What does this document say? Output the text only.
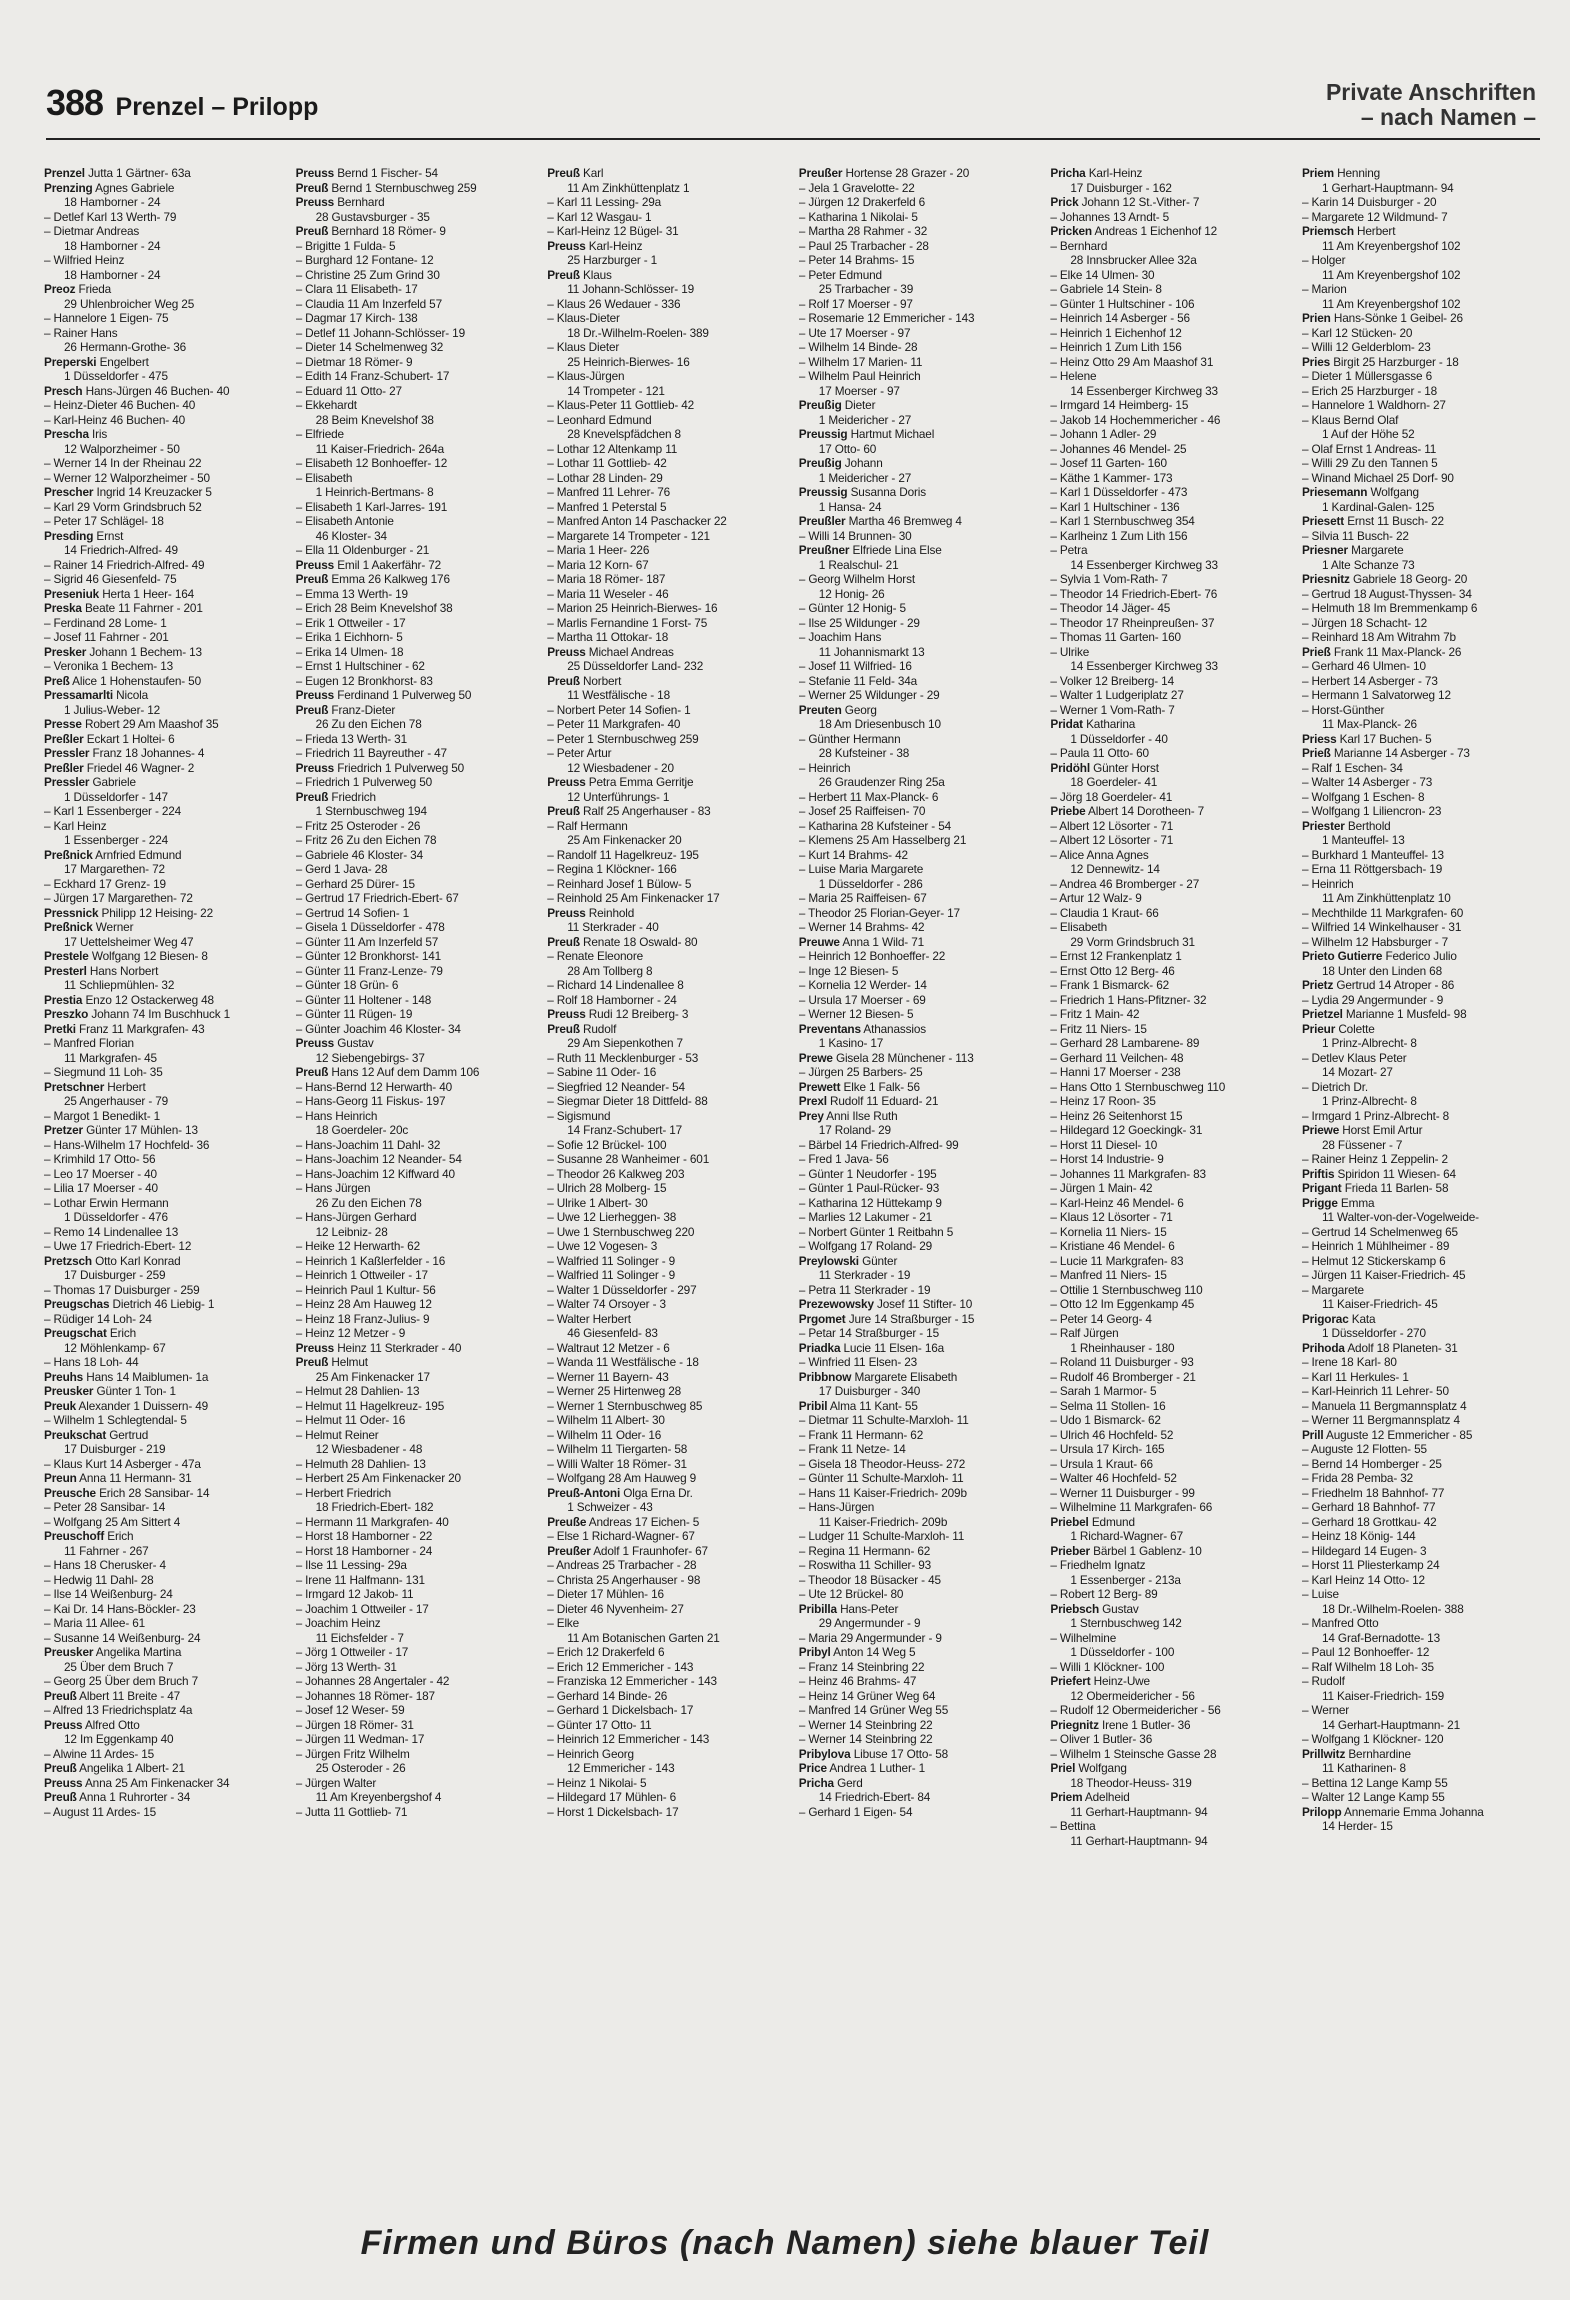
388 Prenzel – Prilopp
Private Anschriften
– nach Namen –
Prenzel Jutta 1 Gärtner- 63a
Prenzing Agnes Gabriele
18 Hamborner - 24
– Detlef Karl 13 Werth- 79
– Dietmar Andreas
18 Hamborner - 24
– Wilfried Heinz
18 Hamborner - 24
Preoz Frieda
29 Uhlenbroicher Weg 25
– Hannelore 1 Eigen- 75
– Rainer Hans
26 Hermann-Grothe- 36
Preperski Engelbert
1 Düsseldorfer - 475
Presch Hans-Jürgen 46 Buchen- 40
– Heinz-Dieter 46 Buchen- 40
– Karl-Heinz 46 Buchen- 40
Prescha Iris
12 Walporzheimer - 50
– Werner 14 In der Rheinau 22
– Werner 12 Walporzheimer - 50
Prescher Ingrid 14 Kreuzacker 5
– Karl 29 Vorm Grindsbruch 52
– Peter 17 Schlägel- 18
Presding Ernst
14 Friedrich-Alfred- 49
– Rainer 14 Friedrich-Alfred- 49
– Sigrid 46 Giesenfeld- 75
Preseniuk Herta 1 Heer- 164
Preska Beate 11 Fahrner - 201
– Ferdinand 28 Lome- 1
– Josef 11 Fahrner - 201
Presker Johann 1 Bechem- 13
– Veronika 1 Bechem- 13
Preß Alice 1 Hohenstaufen- 50
Pressamarlti Nicola
1 Julius-Weber- 12
Presse Robert 29 Am Maashof 35
Preßler Eckart 1 Holtei- 6
Pressler Franz 18 Johannes- 4
Preßler Friedel 46 Wagner- 2
Pressler Gabriele
1 Düsseldorfer - 147
– Karl 1 Essenberger - 224
– Karl Heinz
1 Essenberger - 224
Preßnick Arnfried Edmund
17 Margarethen- 72
– Eckhard 17 Grenz- 19
– Jürgen 17 Margarethen- 72
Pressnick Philipp 12 Heising- 22
Preßnick Werner
17 Uettelsheimer Weg 47
Prestele Wolfgang 12 Biesen- 8
Presterl Hans Norbert
11 Schliepmühlen- 32
Prestia Enzo 12 Ostackerweg 48
Preszko Johann 74 Im Buschhuck 1
Pretki Franz 11 Markgrafen- 43
– Manfred Florian
11 Markgrafen- 45
– Siegmund 11 Loh- 35
Pretschner Herbert
25 Angerhauser - 79
– Margot 1 Benedikt- 1
Pretzer Günter 17 Mühlen- 13
– Hans-Wilhelm 17 Hochfeld- 36
– Krimhild 17 Otto- 56
– Leo 17 Moerser - 40
– Lilia 17 Moerser - 40
– Lothar Erwin Hermann
1 Düsseldorfer - 476
– Remo 14 Lindenallee 13
– Uwe 17 Friedrich-Ebert- 12
Pretzsch Otto Karl Konrad
17 Duisburger - 259
– Thomas 17 Duisburger - 259
Preugschas Dietrich 46 Liebig- 1
– Rüdiger 14 Loh- 24
Preugschat Erich
12 Möhlenkamp- 67
– Hans 18 Loh- 44
Preuhs Hans 14 Maiblumen- 1a
Preusker Günter 1 Ton- 1
Preuk Alexander 1 Duissern- 49
– Wilhelm 1 Schlegtendal- 5
Preukschat Gertrud
17 Duisburger - 219
– Klaus Kurt 14 Asberger - 47a
Preun Anna 11 Hermann- 31
Preusche Erich 28 Sansibar- 14
– Peter 28 Sansibar- 14
– Wolfgang 25 Am Sittert 4
Preuschoff Erich
11 Fahrner - 267
– Hans 18 Cherusker- 4
– Hedwig 11 Dahl- 28
– Ilse 14 Weißenburg- 24
– Kai Dr. 14 Hans-Böckler- 23
– Maria 11 Allee- 61
– Susanne 14 Weißenburg- 24
Preusker Angelika Martina
25 Über dem Bruch 7
– Georg 25 Über dem Bruch 7
Preuß Albert 11 Breite - 47
– Alfred 13 Friedrichsplatz 4a
Preuss Alfred Otto
12 Im Eggenkamp 40
– Alwine 11 Ardes- 15
Preuß Angelika 1 Albert- 21
Preuss Anna 25 Am Finkenacker 34
Preuß Anna 1 Ruhrorter - 34
– August 11 Ardes- 15
Preuss Bernd 1 Fischer- 54
Preuß Bernd 1 Sternbuschweg 259
Preuss Bernhard
28 Gustavsburger - 35
Preuß Bernhard 18 Römer- 9
– Brigitte 1 Fulda- 5
– Burghard 12 Fontane- 12
– Christine 25 Zum Grind 30
– Clara 11 Elisabeth- 17
– Claudia 11 Am Inzerfeld 57
– Dagmar 17 Kirch- 138
– Detlef 11 Johann-Schlösser- 19
– Dieter 14 Schelmenweg 32
– Dietmar 18 Römer- 9
– Edith 14 Franz-Schubert- 17
– Eduard 11 Otto- 27
– Ekkehardt
28 Beim Knevelshof 38
– Elfriede
11 Kaiser-Friedrich- 264a
– Elisabeth 12 Bonhoeffer- 12
– Elisabeth
1 Heinrich-Bertmans- 8
– Elisabeth 1 Karl-Jarres- 191
– Elisabeth Antonie
46 Kloster- 34
– Ella 11 Oldenburger - 21
Preuss Emil 1 Aakerfähr- 72
Preuß Emma 26 Kalkweg 176
– Emma 13 Werth- 19
– Erich 28 Beim Knevelshof 38
– Erik 1 Ottweiler - 17
– Erika 1 Eichhorn- 5
– Erika 14 Ulmen- 18
– Ernst 1 Hultschiner - 62
– Eugen 12 Bronkhorst- 83
Preuss Ferdinand 1 Pulverweg 50
Preuß Franz-Dieter
26 Zu den Eichen 78
– Frieda 13 Werth- 31
– Friedrich 11 Bayreuther - 47
Preuss Friedrich 1 Pulverweg 50
– Friedrich 1 Pulverweg 50
Preuß Friedrich
1 Sternbuschweg 194
– Fritz 25 Osteroder - 26
– Fritz 26 Zu den Eichen 78
– Gabriele 46 Kloster- 34
– Gerd 1 Java- 28
– Gerhard 25 Dürer- 15
– Gertrud 17 Friedrich-Ebert- 67
– Gertrud 14 Sofien- 1
– Gisela 1 Düsseldorfer - 478
– Günter 11 Am Inzerfeld 57
– Günter 12 Bronkhorst- 141
– Günter 11 Franz-Lenze- 79
– Günter 18 Grün- 6
– Günter 11 Holtener - 148
– Günter 11 Rügen- 19
– Günter Joachim 46 Kloster- 34
Preuss Gustav
12 Siebengebirgs- 37
Preuß Hans 12 Auf dem Damm 106
– Hans-Bernd 12 Herwarth- 40
– Hans-Georg 11 Fiskus- 197
– Hans Heinrich
18 Goerdeler- 20c
– Hans-Joachim 11 Dahl- 32
– Hans-Joachim 12 Neander- 54
– Hans-Joachim 12 Kiffward 40
– Hans Jürgen
26 Zu den Eichen 78
– Hans-Jürgen Gerhard
12 Leibniz- 28
– Heike 12 Herwarth- 62
– Heinrich 1 Kaßlerfelder - 16
– Heinrich 1 Ottweiler - 17
– Heinrich Paul 1 Kultur- 56
– Heinz 28 Am Hauweg 12
– Heinz 18 Franz-Julius- 9
– Heinz 12 Metzer - 9
Preuss Heinz 11 Sterkrader - 40
Preuß Helmut
25 Am Finkenacker 17
– Helmut 28 Dahlien- 13
– Helmut 11 Hagelkreuz- 195
– Helmut 11 Oder- 16
– Helmut Reiner
12 Wiesbadener - 48
– Helmuth 28 Dahlien- 13
– Herbert 25 Am Finkenacker 20
– Herbert Friedrich
18 Friedrich-Ebert- 182
– Hermann 11 Markgrafen- 40
– Horst 18 Hamborner - 22
– Horst 18 Hamborner - 24
– Ilse 11 Lessing- 29a
– Irene 11 Halfmann- 131
– Irmgard 12 Jakob- 11
– Joachim 1 Ottweiler - 17
– Joachim Heinz
11 Eichsfelder - 7
– Jörg 1 Ottweiler - 17
– Jörg 13 Werth- 31
– Johannes 28 Angertaler - 42
– Johannes 18 Römer- 187
– Josef 12 Weser- 59
– Jürgen 18 Römer- 31
– Jürgen 11 Wedman- 17
– Jürgen Fritz Wilhelm
25 Osteroder - 26
– Jürgen Walter
11 Am Kreyenbergshof 4
– Jutta 11 Gottlieb- 71
Preuß Karl
11 Am Zinkhüttenplatz 1
– Karl 11 Lessing- 29a
– Karl 12 Wasgau- 1
– Karl-Heinz 12 Bügel- 31
Preuss Karl-Heinz
25 Harzburger - 1
Preuß Klaus
11 Johann-Schlösser- 19
– Klaus 26 Wedauer - 336
– Klaus-Dieter
18 Dr.-Wilhelm-Roelen- 389
– Klaus Dieter
25 Heinrich-Bierwes- 16
– Klaus-Jürgen
14 Trompeter - 121
– Klaus-Peter 11 Gottlieb- 42
– Leonhard Edmund
28 Knevelspfädchen 8
– Lothar 12 Altenkamp 11
– Lothar 11 Gottlieb- 42
– Lothar 28 Linden- 29
– Manfred 11 Lehrer- 76
– Manfred 1 Peterstal 5
– Manfred Anton 14 Paschacker 22
– Margarete 14 Trompeter - 121
– Maria 1 Heer- 226
– Maria 12 Korn- 67
– Maria 18 Römer- 187
– Maria 11 Weseler - 46
– Marion 25 Heinrich-Bierwes- 16
– Marlis Fernandine 1 Forst- 75
– Martha 11 Ottokar- 18
Preuss Michael Andreas
25 Düsseldorfer Land- 232
Preuß Norbert
11 Westfälische - 18
– Norbert Peter 14 Sofien- 1
– Peter 11 Markgrafen- 40
– Peter 1 Sternbuschweg 259
– Peter Artur
12 Wiesbadener - 20
Preuss Petra Emma Gerritje
12 Unterführungs- 1
Preuß Ralf 25 Angerhauser - 83
– Ralf Hermann
25 Am Finkenacker 20
– Randolf 11 Hagelkreuz- 195
– Regina 1 Klöckner- 166
– Reinhard Josef 1 Bülow- 5
– Reinhold 25 Am Finkenacker 17
Preuss Reinhold
11 Sterkrader - 40
Preuß Renate 18 Oswald- 80
– Renate Eleonore
28 Am Tollberg 8
– Richard 14 Lindenallee 8
– Rolf 18 Hamborner - 24
Preuss Rudi 12 Breiberg- 3
Preuß Rudolf
29 Am Siepenkothen 7
– Ruth 11 Mecklenburger - 53
– Sabine 11 Oder- 16
– Siegfried 12 Neander- 54
– Siegmar Dieter 18 Dittfeld- 88
– Sigismund
14 Franz-Schubert- 17
– Sofie 12 Brückel- 100
– Susanne 28 Wanheimer - 601
– Theodor 26 Kalkweg 203
– Ulrich 28 Molberg- 15
– Ulrike 1 Albert- 30
– Uwe 12 Lierheggen- 38
– Uwe 1 Sternbuschweg 220
– Uwe 12 Vogesen- 3
– Walfried 11 Solinger - 9
– Walfried 11 Solinger - 9
– Walter 1 Düsseldorfer - 297
– Walter 74 Orsoyer - 3
– Walter Herbert
46 Giesenfeld- 83
– Waltraut 12 Metzer - 6
– Wanda 11 Westfälische - 18
– Werner 11 Bayern- 43
– Werner 25 Hirtenweg 28
– Werner 1 Sternbuschweg 85
– Wilhelm 11 Albert- 30
– Wilhelm 11 Oder- 16
– Wilhelm 11 Tiergarten- 58
– Willi Walter 18 Römer- 31
– Wolfgang 28 Am Hauweg 9
Preuß-Antoni Olga Erna Dr.
1 Schweizer - 43
Preuße Andreas 17 Eichen- 5
– Else 1 Richard-Wagner- 67
Preußer Adolf 1 Fraunhofer- 67
– Andreas 25 Trarbacher - 28
– Christa 25 Angerhauser - 98
– Dieter 17 Mühlen- 16
– Dieter 46 Nyvenheim- 27
– Elke
11 Am Botanischen Garten 21
– Erich 12 Drakerfeld 6
– Erich 12 Emmericher - 143
– Franziska 12 Emmericher - 143
– Gerhard 14 Binde- 26
– Gerhard 1 Dickelsbach- 17
– Günter 17 Otto- 11
– Heinrich 12 Emmericher - 143
– Heinrich Georg
12 Emmericher - 143
– Heinz 1 Nikolai- 5
– Hildegard 17 Mühlen- 6
– Horst 1 Dickelsbach- 17
Preußer Hortense 28 Grazer - 20
– Jela 1 Gravelotte- 22
– Jürgen 12 Drakerfeld 6
– Katharina 1 Nikolai- 5
– Martha 28 Rahmer - 32
– Paul 25 Trarbacher - 28
– Peter 14 Brahms- 15
– Peter Edmund
25 Trarbacher - 39
– Rolf 17 Moerser - 97
– Rosemarie 12 Emmericher - 143
– Ute 17 Moerser - 97
– Wilhelm 14 Binde- 28
– Wilhelm 17 Marien- 11
– Wilhelm Paul Heinrich
17 Moerser - 97
Preußig Dieter
1 Meidericher - 27
Preussig Hartmut Michael
17 Otto- 60
Preußig Johann
1 Meidericher - 27
Preussig Susanna Doris
1 Hansa- 24
Preußler Martha 46 Bremweg 4
– Willi 14 Brunnen- 30
Preußner Elfriede Lina Else
1 Realschul- 21
– Georg Wilhelm Horst
12 Honig- 26
– Günter 12 Honig- 5
– Ilse 25 Wildunger - 29
– Joachim Hans
11 Johannismarkt 13
– Josef 11 Wilfried- 16
– Stefanie 11 Feld- 34a
– Werner 25 Wildunger - 29
Preuten Georg
18 Am Driesenbusch 10
– Günther Hermann
28 Kufsteiner - 38
– Heinrich
26 Graudenzer Ring 25a
– Herbert 11 Max-Planck- 6
– Josef 25 Raiffeisen- 70
– Katharina 28 Kufsteiner - 54
– Klemens 25 Am Hasselberg 21
– Kurt 14 Brahms- 42
– Luise Maria Margarete
1 Düsseldorfer - 286
– Maria 25 Raiffeisen- 67
– Theodor 25 Florian-Geyer- 17
– Werner 14 Brahms- 42
Preuwe Anna 1 Wild- 71
– Heinrich 12 Bonhoeffer- 22
– Inge 12 Biesen- 5
– Kornelia 12 Werder- 14
– Ursula 17 Moerser - 69
– Werner 12 Biesen- 5
Preventans Athanassios
1 Kasino- 17
Prewe Gisela 28 Münchener - 113
– Jürgen 25 Barbers- 25
Prewett Elke 1 Falk- 56
Prexl Rudolf 11 Eduard- 21
Prey Anni Ilse Ruth
17 Roland- 29
– Bärbel 14 Friedrich-Alfred- 99
– Fred 1 Java- 56
– Günter 1 Neudorfer - 195
– Günter 1 Paul-Rücker- 93
– Katharina 12 Hüttekamp 9
– Marlies 12 Lakumer - 21
– Norbert Günter 1 Reitbahn 5
– Wolfgang 17 Roland- 29
Preylowski Günter
11 Sterkrader - 19
– Petra 11 Sterkrader - 19
Prezewowsky Josef 11 Stifter- 10
Prgomet Jure 14 Straßburger - 15
– Petar 14 Straßburger - 15
Priadka Lucie 11 Elsen- 16a
– Winfried 11 Elsen- 23
Pribbnow Margarete Elisabeth
17 Duisburger - 340
Pribil Alma 11 Kant- 55
– Dietmar 11 Schulte-Marxloh- 11
– Frank 11 Hermann- 62
– Frank 11 Netze- 14
– Gisela 18 Theodor-Heuss- 272
– Günter 11 Schulte-Marxloh- 11
– Hans 11 Kaiser-Friedrich- 209b
– Hans-Jürgen
11 Kaiser-Friedrich- 209b
– Ludger 11 Schulte-Marxloh- 11
– Regina 11 Hermann- 62
– Roswitha 11 Schiller- 93
– Theodor 18 Büsacker - 45
– Ute 12 Brückel- 80
Pribilla Hans-Peter
29 Angermunder - 9
– Maria 29 Angermunder - 9
Pribyl Anton 14 Weg 5
– Franz 14 Steinbring 22
– Heinz 46 Brahms- 47
– Heinz 14 Grüner Weg 64
– Manfred 14 Grüner Weg 55
– Werner 14 Steinbring 22
– Werner 14 Steinbring 22
Pribylova Libuse 17 Otto- 58
Price Andrea 1 Luther- 1
Pricha Gerd
14 Friedrich-Ebert- 84
– Gerhard 1 Eigen- 54
Pricha Karl-Heinz
17 Duisburger - 162
Prick Johann 12 St.-Vither- 7
– Johannes 13 Arndt- 5
Pricken Andreas 1 Eichenhof 12
– Bernhard
28 Innsbrucker Allee 32a
– Elke 14 Ulmen- 30
– Gabriele 14 Stein- 8
– Günter 1 Hultschiner - 106
– Heinrich 14 Asberger - 56
– Heinrich 1 Eichenhof 12
– Heinrich 1 Zum Lith 156
– Heinz Otto 29 Am Maashof 31
– Helene
14 Essenberger Kirchweg 33
– Irmgard 14 Heimberg- 15
– Jakob 14 Hochemmericher - 46
– Johann 1 Adler- 29
– Johannes 46 Mendel- 25
– Josef 11 Garten- 160
– Käthe 1 Kammer- 173
– Karl 1 Düsseldorfer - 473
– Karl 1 Hultschiner - 136
– Karl 1 Sternbuschweg 354
– Karlheinz 1 Zum Lith 156
– Petra
14 Essenberger Kirchweg 33
– Sylvia 1 Vom-Rath- 7
– Theodor 14 Friedrich-Ebert- 76
– Theodor 14 Jäger- 45
– Theodor 17 Rheinpreußen- 37
– Thomas 11 Garten- 160
– Ulrike
14 Essenberger Kirchweg 33
– Volker 12 Breiberg- 14
– Walter 1 Ludgeriplatz 27
– Werner 1 Vom-Rath- 7
Pridat Katharina
1 Düsseldorfer - 40
– Paula 11 Otto- 60
Pridöhl Günter Horst
18 Goerdeler- 41
– Jörg 18 Goerdeler- 41
Priebe Albert 14 Dorotheen- 7
– Albert 12 Lösorter - 71
– Albert 12 Lösorter - 71
– Alice Anna Agnes
12 Dennewitz- 14
– Andrea 46 Bromberger - 27
– Artur 12 Walz- 9
– Claudia 1 Kraut- 66
– Elisabeth
29 Vorm Grindsbruch 31
– Ernst 12 Frankenplatz 1
– Ernst Otto 12 Berg- 46
– Frank 1 Bismarck- 62
– Friedrich 1 Hans-Pfitzner- 32
– Fritz 1 Main- 42
– Fritz 11 Niers- 15
– Gerhard 28 Lambarene- 89
– Gerhard 11 Veilchen- 48
– Hanni 17 Moerser - 238
– Hans Otto 1 Sternbuschweg 110
– Heinz 17 Roon- 35
– Heinz 26 Seitenhorst 15
– Hildegard 12 Goeckingk- 31
– Horst 11 Diesel- 10
– Horst 14 Industrie- 9
– Johannes 11 Markgrafen- 83
– Jürgen 1 Main- 42
– Karl-Heinz 46 Mendel- 6
– Klaus 12 Lösorter - 71
– Kornelia 11 Niers- 15
– Kristiane 46 Mendel- 6
– Lucie 11 Markgrafen- 83
– Manfred 11 Niers- 15
– Ottilie 1 Sternbuschweg 110
– Otto 12 Im Eggenkamp 45
– Peter 14 Georg- 4
– Ralf Jürgen
1 Rheinhauser - 180
– Roland 11 Duisburger - 93
– Rudolf 46 Bromberger - 21
– Sarah 1 Marmor- 5
– Selma 11 Stollen- 16
– Udo 1 Bismarck- 62
– Ulrich 46 Hochfeld- 52
– Ursula 17 Kirch- 165
– Ursula 1 Kraut- 66
– Walter 46 Hochfeld- 52
– Werner 11 Duisburger - 99
– Wilhelmine 11 Markgrafen- 66
Priebel Edmund
1 Richard-Wagner- 67
Prieber Bärbel 1 Gablenz- 10
– Friedhelm Ignatz
1 Essenberger - 213a
– Robert 12 Berg- 89
Priebsch Gustav
1 Sternbuschweg 142
– Wilhelmine
1 Düsseldorfer - 100
– Willi 1 Klöckner- 100
Priefert Heinz-Uwe
12 Obermeidericher - 56
– Rudolf 12 Obermeidericher - 56
Priegnitz Irene 1 Butler- 36
– Oliver 1 Butler- 36
– Wilhelm 1 Steinsche Gasse 28
Priel Wolfgang
18 Theodor-Heuss- 319
Priem Adelheid
11 Gerhart-Hauptmann- 94
– Bettina
11 Gerhart-Hauptmann- 94
Priem Henning
1 Gerhart-Hauptmann- 94
– Karin 14 Duisburger - 20
– Margarete 12 Wildmund- 7
Priemsch Herbert
11 Am Kreyenbergshof 102
– Holger
11 Am Kreyenbergshof 102
– Marion
11 Am Kreyenbergshof 102
Prien Hans-Sönke 1 Geibel- 26
– Karl 12 Stücken- 20
– Willi 12 Gelderblom- 23
Pries Birgit 25 Harzburger - 18
– Dieter 1 Müllersgasse 6
– Erich 25 Harzburger - 18
– Hannelore 1 Waldhorn- 27
– Klaus Bernd Olaf
1 Auf der Höhe 52
– Olaf Ernst 1 Andreas- 11
– Willi 29 Zu den Tannen 5
– Winand Michael 25 Dorf- 90
Priesemann Wolfgang
1 Kardinal-Galen- 125
Priesett Ernst 11 Busch- 22
– Silvia 11 Busch- 22
Priesner Margarete
1 Alte Schanze 73
Priesnitz Gabriele 18 Georg- 20
– Gertrud 18 August-Thyssen- 34
– Helmuth 18 Im Bremmenkamp 6
– Jürgen 18 Schacht- 12
– Reinhard 18 Am Witrahm 7b
Prieß Frank 11 Max-Planck- 26
– Gerhard 46 Ulmen- 10
– Herbert 14 Asberger - 73
– Hermann 1 Salvatorweg 12
– Horst-Günther
11 Max-Planck- 26
Priess Karl 17 Buchen- 5
Prieß Marianne 14 Asberger - 73
– Ralf 1 Eschen- 34
– Walter 14 Asberger - 73
– Wolfgang 1 Eschen- 8
– Wolfgang 1 Liliencron- 23
Priester Berthold
1 Manteuffel- 13
– Burkhard 1 Manteuffel- 13
– Erna 11 Röttgersbach- 19
– Heinrich
11 Am Zinkhüttenplatz 10
– Mechthilde 11 Markgrafen- 60
– Wilfried 14 Winkelhauser - 31
– Wilhelm 12 Habsburger - 7
Prieto Gutierre Federico Julio
18 Unter den Linden 68
Prietz Gertrud 14 Atroper - 86
– Lydia 29 Angermunder - 9
Prietzel Marianne 1 Musfeld- 98
Prieur Colette
1 Prinz-Albrecht- 8
– Detlev Klaus Peter
14 Mozart- 27
– Dietrich Dr.
1 Prinz-Albrecht- 8
– Irmgard 1 Prinz-Albrecht- 8
Priewe Horst Emil Artur
28 Füssener - 7
– Rainer Heinz 1 Zeppelin- 2
Priftis Spiridon 11 Wiesen- 64
Prigant Frieda 11 Barlen- 58
Prigge Emma
11 Walter-von-der-Vogelweide-
– Gertrud 14 Schelmenweg 65
– Heinrich 1 Mühlheimer - 89
– Helmut 12 Stickerskamp 6
– Jürgen 11 Kaiser-Friedrich- 45
– Margarete
11 Kaiser-Friedrich- 45
Prigorac Kata
1 Düsseldorfer - 270
Prihoda Adolf 18 Planeten- 31
– Irene 18 Karl- 80
– Karl 11 Herkules- 1
– Karl-Heinrich 11 Lehrer- 50
– Manuela 11 Bergmannsplatz 4
– Werner 11 Bergmannsplatz 4
Prill Auguste 12 Emmericher - 85
– Auguste 12 Flotten- 55
– Bernd 14 Homberger - 25
– Frida 28 Pemba- 32
– Friedhelm 18 Bahnhof- 77
– Gerhard 18 Bahnhof- 77
– Gerhard 18 Grottkau- 42
– Heinz 18 König- 144
– Hildegard 14 Eugen- 3
– Horst 11 Pliesterkamp 24
– Karl Heinz 14 Otto- 12
– Luise
18 Dr.-Wilhelm-Roelen- 388
– Manfred Otto
14 Graf-Bernadotte- 13
– Paul 12 Bonhoeffer- 12
– Ralf Wilhelm 18 Loh- 35
– Rudolf
11 Kaiser-Friedrich- 159
– Werner
14 Gerhart-Hauptmann- 21
– Wolfgang 1 Klöckner- 120
Prillwitz Bernhardine
11 Katharinen- 8
– Bettina 12 Lange Kamp 55
– Walter 12 Lange Kamp 55
Prilopp Annemarie Emma Johanna
14 Herder- 15
Firmen und Büros (nach Namen) siehe blauer Teil
